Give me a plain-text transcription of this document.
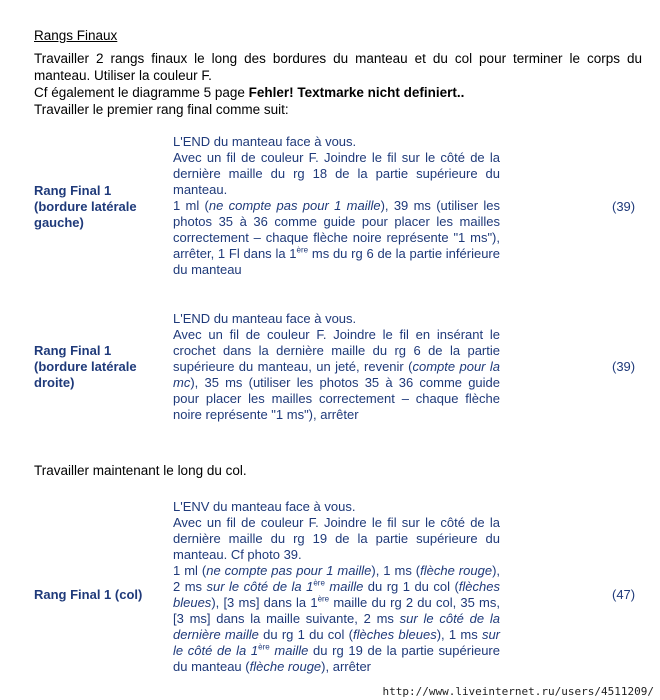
Rangs Finaux

Travailler 2 rangs finaux le long des bordures du manteau et du col pour terminer le corps du manteau. Utiliser la couleur F.

Cf également le diagramme 5 page Fehler! Textmarke nicht definiert..

Travailler le premier rang final comme suit:

Rang Final 1
(bordure latérale
gauche)

L'END du manteau face à vous.

Avec un fil de couleur F. Joindre le fil sur le côté de la dernière maille du rg 18 de la partie supérieure du manteau.

1 ml (ne compte pas pour 1 maille), 39 ms (utiliser les photos 35 à 36 comme guide pour placer les mailles correctement – chaque flèche noire représente "1 ms"), arrêter, 1 Fl dans la 1ère ms du rg 6 de la partie inférieure du manteau

(39)
Rang Final 1
(bordure latérale
droite)

L'END du manteau face à vous.

Avec un fil de couleur F. Joindre le fil en insérant le crochet dans la dernière maille du rg 6 de la partie supérieure du manteau, un jeté, revenir (compte pour la mc), 35 ms (utiliser les photos 35 à 36 comme guide pour placer les mailles correctement – chaque flèche noire représente "1 ms"), arrêter

(39)
Travailler maintenant le long du col.
Rang Final 1 (col)

L'ENV du manteau face à vous.

Avec un fil de couleur F. Joindre le fil sur le côté de la dernière maille du rg 19 de la partie supérieure du manteau. Cf photo 39.

1 ml (ne compte pas pour 1 maille), 1 ms (flèche rouge), 2 ms sur le côté de la 1ère maille du rg 1 du col (flèches bleues), [3 ms] dans la 1ère maille du rg 2 du col, 35 ms, [3 ms] dans la maille suivante, 2 ms sur le côté de la dernière maille du rg 1 du col (flèches bleues), 1 ms sur le côté de la 1ère maille du rg 19 de la partie supérieure du manteau (flèche rouge), arrêter

(47)
http://www.liveinternet.ru/users/4511209/
